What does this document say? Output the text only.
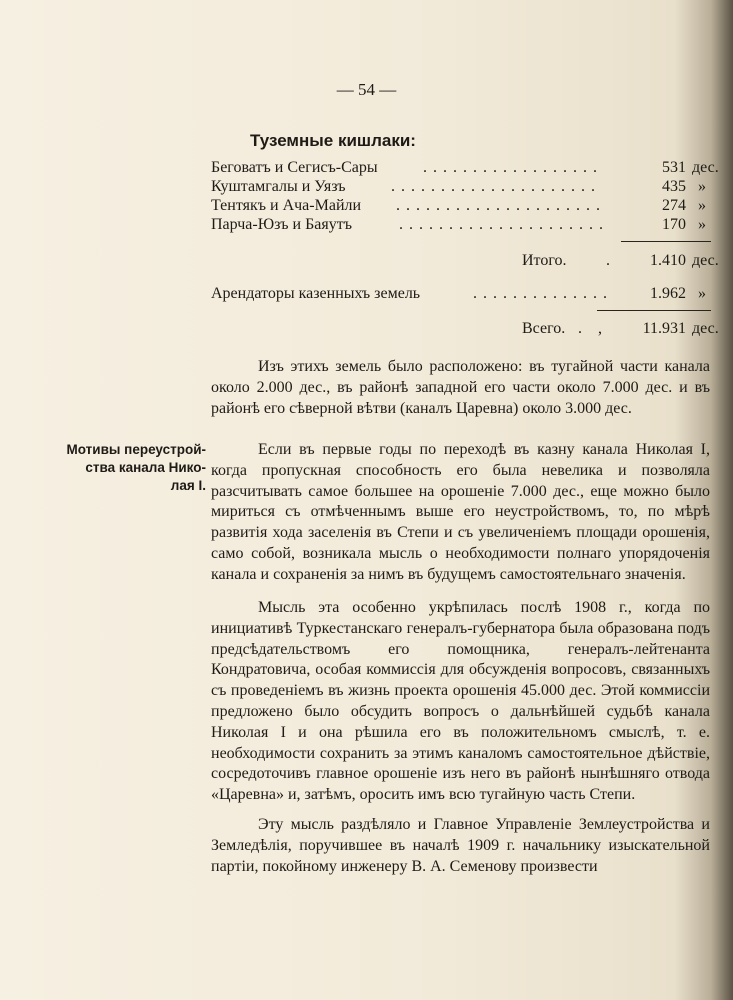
— 54 —
Туземные кишлаки:
Беговатъ и Сегисъ-Сары	..................	531 дес.
Куштамгалы и Уязъ	.....................	435 »
Тентякъ и Ача-Майли .....................	274 »
Парча-Юзъ и Баяутъ	.....................	170 »
Итого. .	1.410 дес.
Арендаторы казенныхъ земель	..............	1.962 »
Всего. . ,	11.931 дес.

Изъ этихъ земель было расположено: въ тугайной части канала около 2.000 дес., въ районѣ западной его части около 7.000 дес. и въ районѣ его сѣверной вѣтви (каналъ Царевна) около 3.000 дес.

Мотивы переустрой-
ства канала Нико-
лая I.

Если въ первые годы по переходѣ въ казну канала Николая I, когда пропускная способность его была невелика и позволяла разсчитывать самое большее на орошеніе 7.000 дес., еще можно было мириться съ отмѣченнымъ выше его неустройствомъ, то, по мѣрѣ развитія хода заселенія въ Степи и съ увеличеніемъ площади орошенія, само собой, возникала мысль о необходимости полнаго упорядоченія канала и сохраненія за нимъ въ будущемъ самостоятельнаго значенія.

Мысль эта особенно укрѣпилась послѣ 1908 г., когда по инициативѣ Туркестанскаго генералъ-губернатора была образована подъ предсѣдательствомъ его помощника, генералъ-лейтенанта Кондратовича, особая коммиссія для обсужденія вопросовъ, связанныхъ съ проведеніемъ въ жизнь проекта орошенія 45.000 дес. Этой коммиссіи предложено было обсудить вопросъ о дальнѣйшей судьбѣ канала Николая I и она рѣшила его въ положительномъ смыслѣ, т. е. необходимости сохранить за этимъ каналомъ самостоятельное дѣйствіе, сосредоточивъ главное орошеніе изъ него въ районѣ нынѣшняго отвода «Царевна» и, затѣмъ, оросить имъ всю тугайную часть Степи.

Эту мысль раздѣляло и Главное Управленіе Землеустройства и Земледѣлія, поручившее въ началѣ 1909 г. начальнику изыскательной партіи, покойному инженеру В. А. Семенову произвести
